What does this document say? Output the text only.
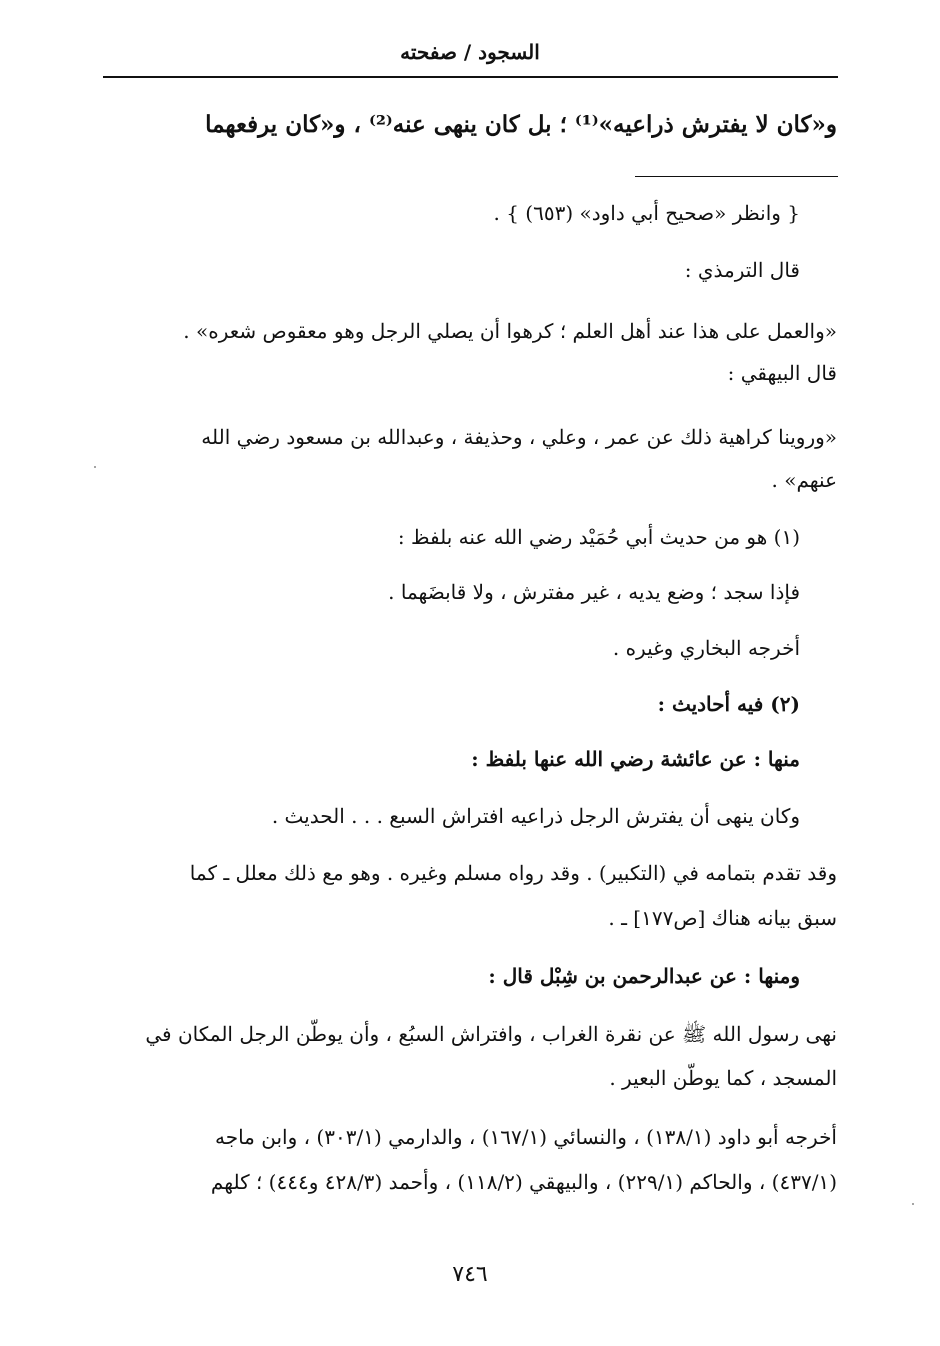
السجود / صفحته
و«كان لا يفترش ذراعيه»⁽¹⁾ ؛ بل كان ينهى عنه⁽²⁾ ، و«كان يرفعهما
{ وانظر «صحيح أبي داود» (٦٥٣) } .
قال الترمذي :
«والعمل على هذا عند أهل العلم ؛ كرهوا أن يصلي الرجل وهو معقوص شعره» .
قال البيهقي :
«وروينا كراهية ذلك عن عمر ، وعلي ، وحذيفة ، وعبدالله بن مسعود رضي الله
عنهم» .
(١) هو من حديث أبي حُمَيْد رضي الله عنه بلفظ :
فإذا سجد ؛ وضع يديه ، غير مفترش ، ولا قابضَهما .
أخرجه البخاري وغيره .
(٢) فيه أحاديث :
منها : عن عائشة رضي الله عنها بلفظ :
وكان ينهى أن يفترش الرجل ذراعيه افتراش السبع . . . الحديث .
وقد تقدم بتمامه في (التكبير) . وقد رواه مسلم وغيره . وهو مع ذلك معلل ـ كما
سبق بيانه هناك [ص١٧٧] ـ .
ومنها : عن عبدالرحمن بن شِبْل قال :
نهى رسول الله ﷺ عن نقرة الغراب ، وافتراش السبُع ، وأن يوطّن الرجل المكان في
المسجد ، كما يوطّن البعير .
أخرجه أبو داود (١٣٨/١) ، والنسائي (١٦٧/١) ، والدارمي (٣٠٣/١) ، وابن ماجه
(٤٣٧/١) ، والحاكم (٢٢٩/١) ، والبيهقي (١١٨/٢) ، وأحمد (٤٢٨/٣ و٤٤٤) ؛ كلهم
٧٤٦
